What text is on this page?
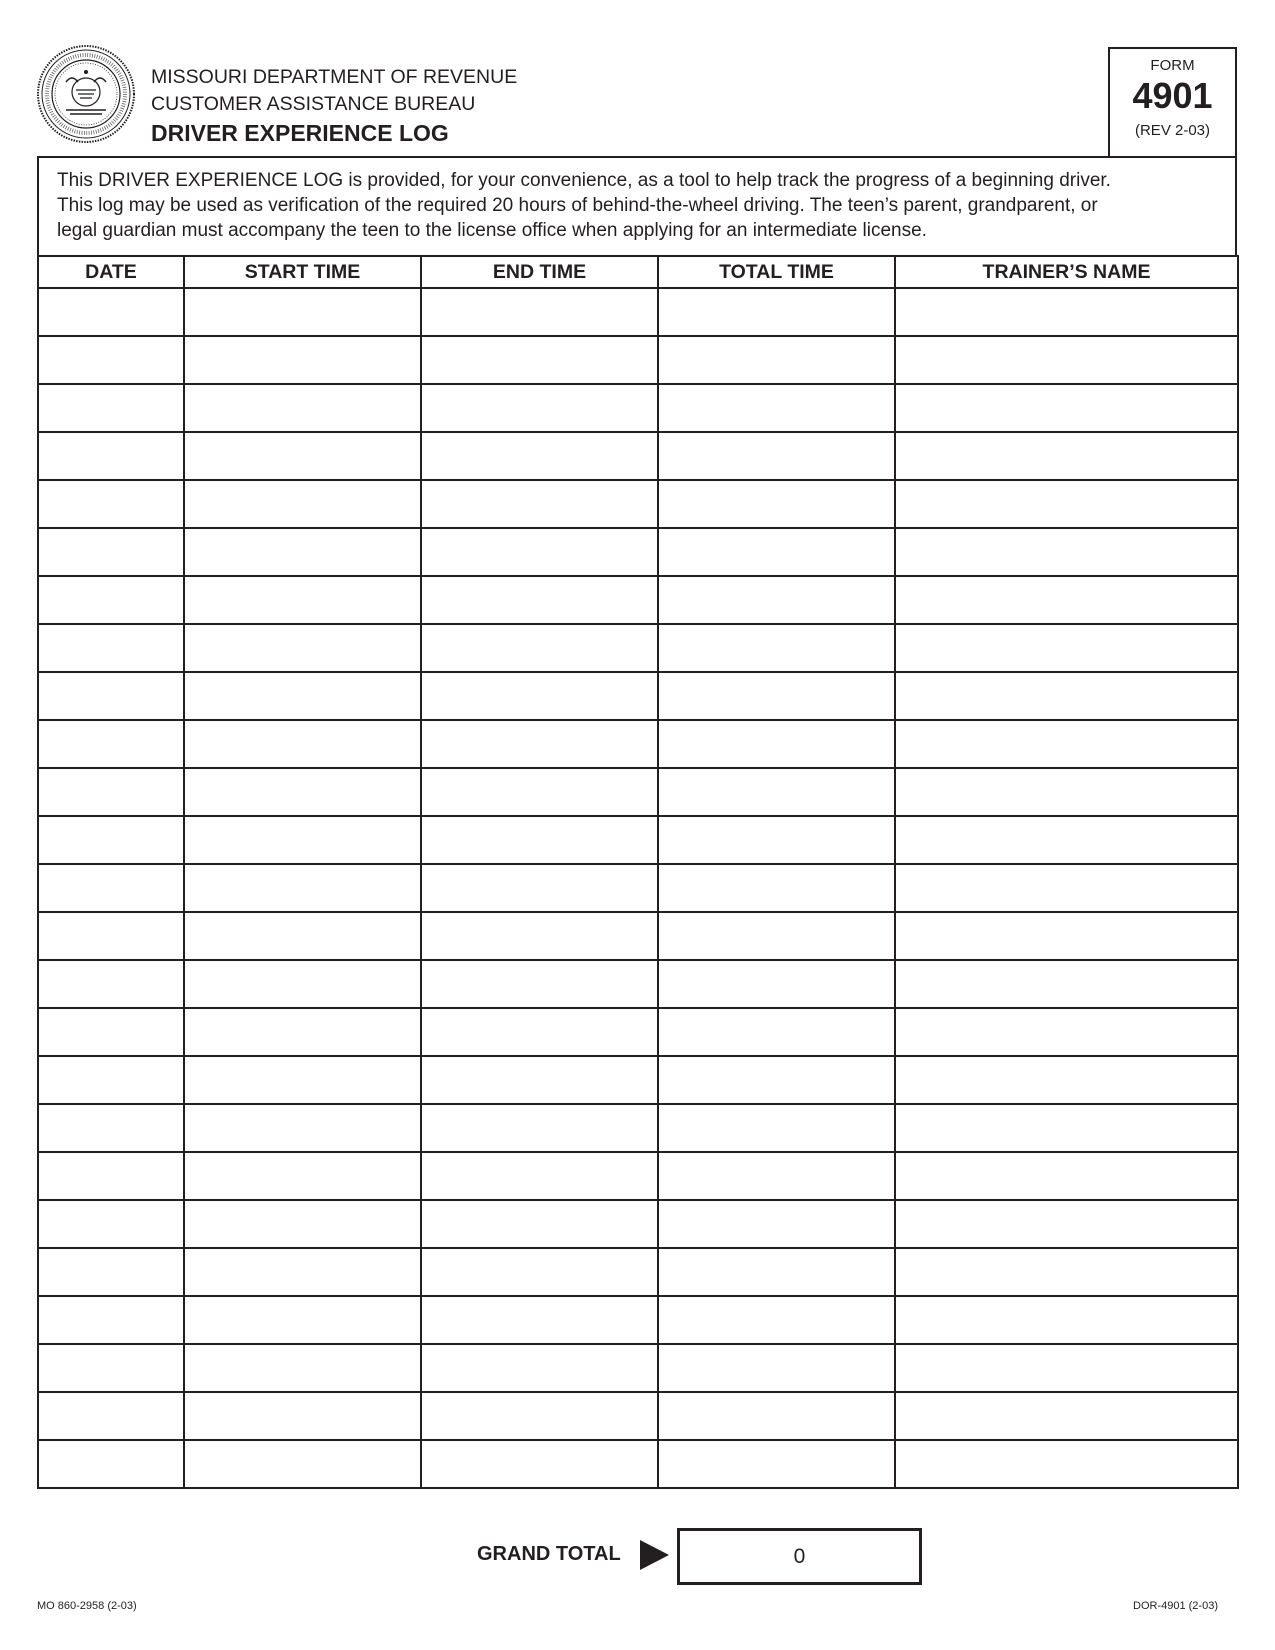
MISSOURI DEPARTMENT OF REVENUE
CUSTOMER ASSISTANCE BUREAU
DRIVER EXPERIENCE LOG
FORM
4901
(REV 2-03)
This DRIVER EXPERIENCE LOG is provided, for your convenience, as a tool to help track the progress of a beginning driver.
This log may be used as verification of the required 20 hours of behind-the-wheel driving. The teen’s parent, grandparent, or
legal guardian must accompany the teen to the license office when applying for an intermediate license.
DATE	START TIME	END TIME	TOTAL TIME	TRAINER’S NAME

GRAND TOTAL	0
MO 860-2958 (2-03)	DOR-4901 (2-03)
